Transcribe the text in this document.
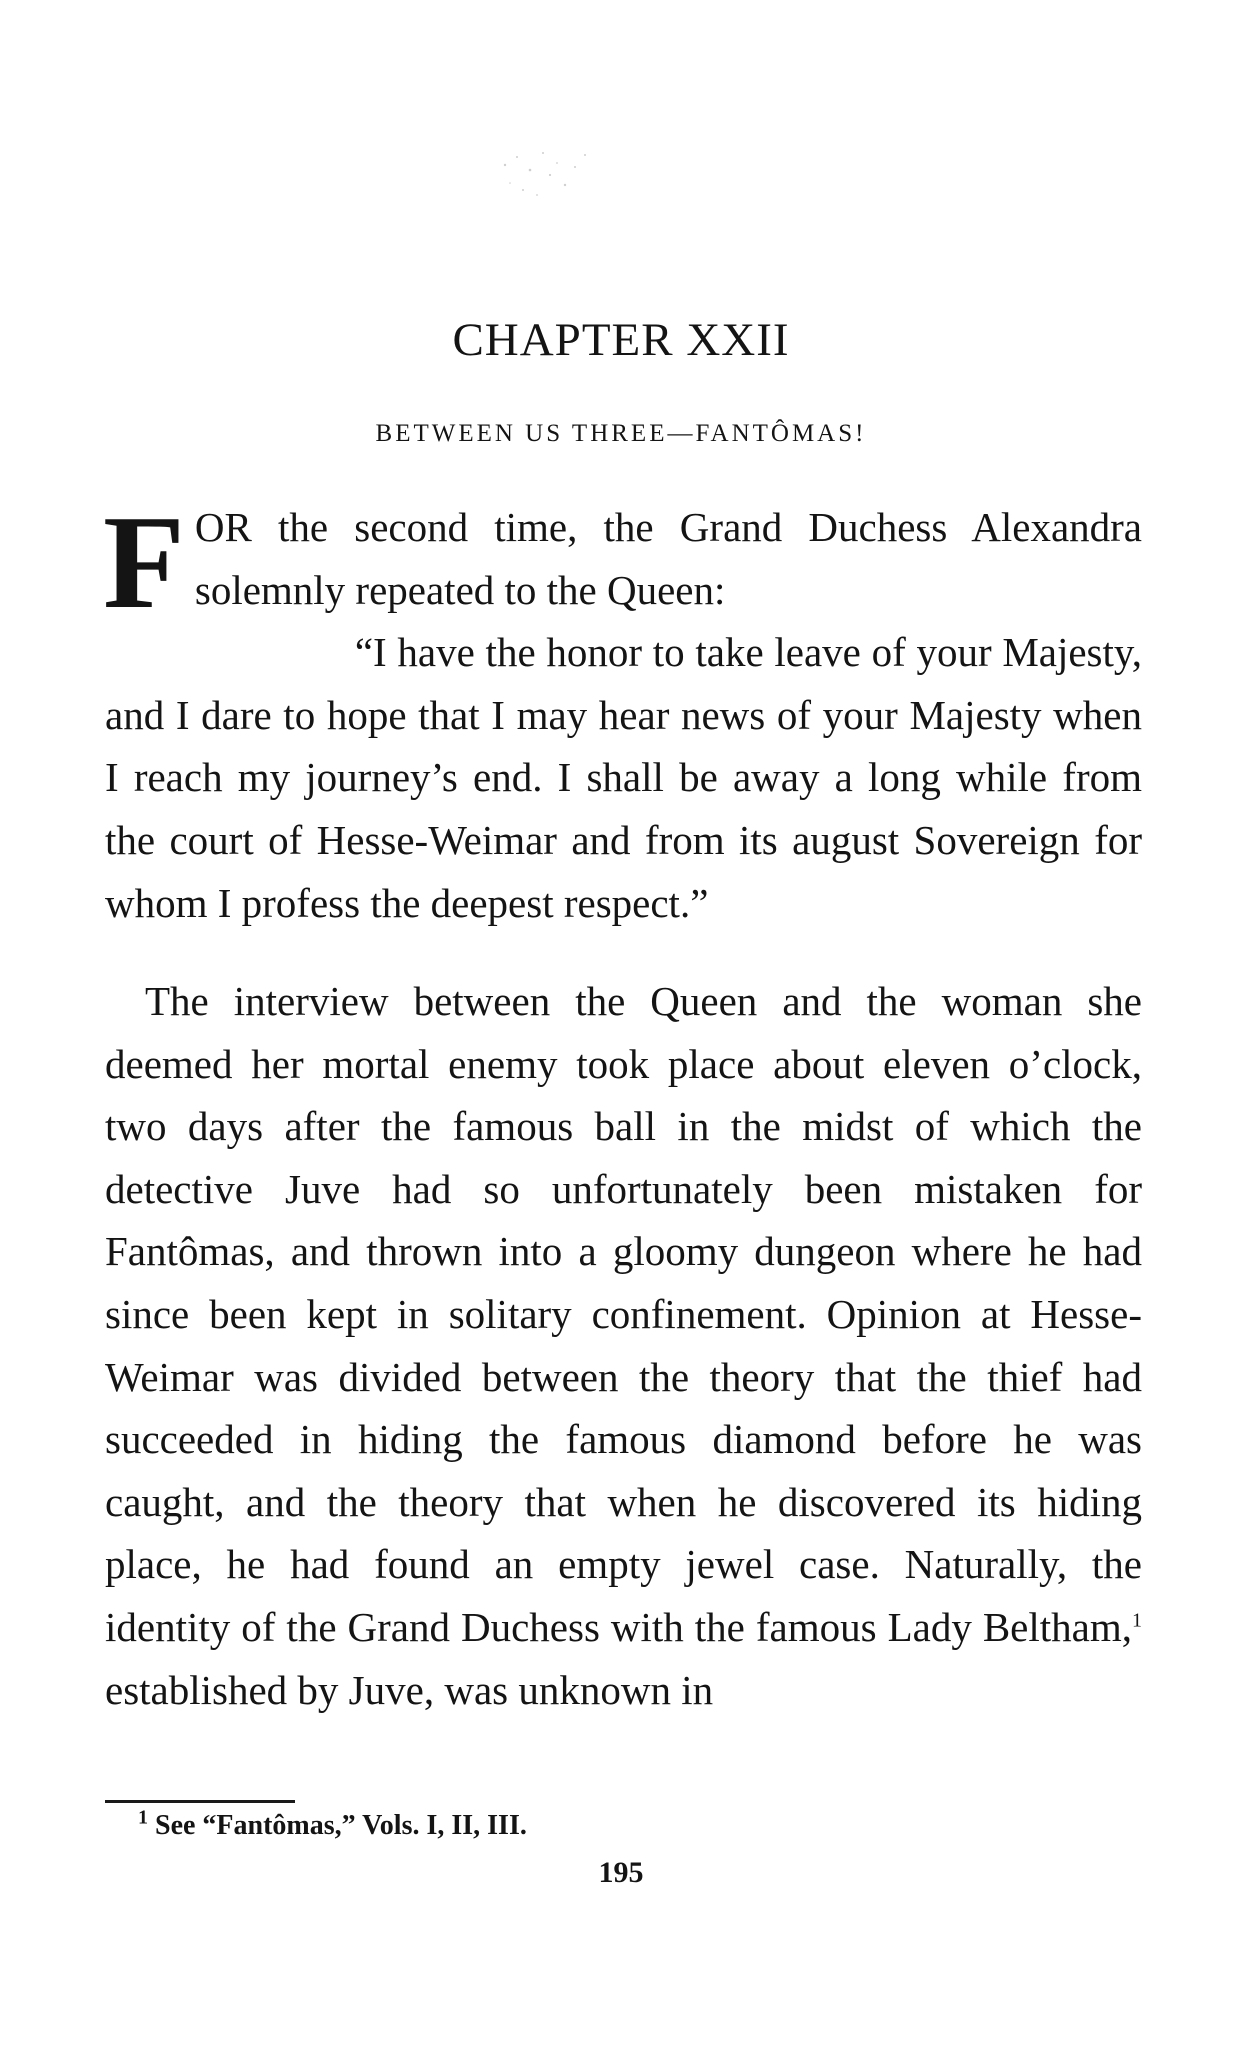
CHAPTER XXII
BETWEEN US THREE—FANTÔMAS!
F OR the second time, the Grand Duchess Alexandra solemnly repeated to the Queen:

“I have the honor to take leave of your Majesty, and I dare to hope that I may hear news of your Majesty when I reach my journey’s end. I shall be away a long while from the court of Hesse-Weimar and from its august Sovereign for whom I profess the deepest respect.”

The interview between the Queen and the woman she deemed her mortal enemy took place about eleven o’clock, two days after the famous ball in the midst of which the detective Juve had so unfortunately been mistaken for Fantômas, and thrown into a gloomy dungeon where he had since been kept in solitary confinement. Opinion at Hesse-Weimar was divided between the theory that the thief had succeeded in hiding the famous diamond before he was caught, and the theory that when he discovered its hiding place, he had found an empty jewel case. Naturally, the identity of the Grand Duchess with the famous Lady Beltham,$^1$ established by Juve, was unknown in

$^1$ See “Fantômas,” Vols. I, II, III.
195
